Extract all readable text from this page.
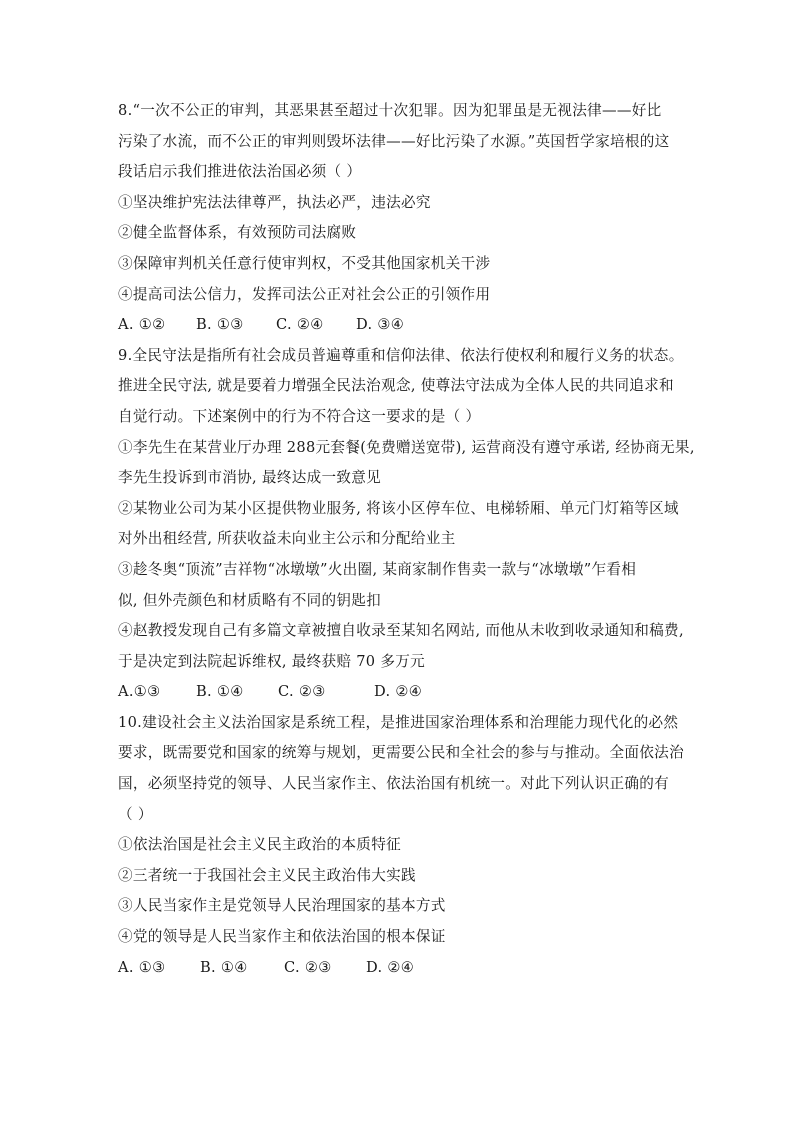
8.“一次不公正的审判，其恶果甚至超过十次犯罪。因为犯罪虽是无视法律——好比
污染了水流，而不公正的审判则毁坏法律——好比污染了水源。”英国哲学家培根的这
段话启示我们推进依法治国必须（ ）
①坚决维护宪法法律尊严，执法必严，违法必究
②健全监督体系，有效预防司法腐败
③保障审判机关任意行使审判权，不受其他国家机关干涉
④提高司法公信力，发挥司法公正对社会公正的引领作用
A. ①② B. ①③ C. ②④ D. ③④
9.全民守法是指所有社会成员普遍尊重和信仰法律、依法行使权利和履行义务的状态。
推进全民守法, 就是要着力增强全民法治观念, 使尊法守法成为全体人民的共同追求和
自觉行动。下述案例中的行为不符合这一要求的是（ ）
①李先生在某营业厅办理 288元套餐(免费赠送宽带), 运营商没有遵守承诺, 经协商无果,
李先生投诉到市消协, 最终达成一致意见
②某物业公司为某小区提供物业服务, 将该小区停车位、电梯轿厢、单元门灯箱等区域
对外出租经营, 所获收益未向业主公示和分配给业主
③趁冬奥“顶流”吉祥物“冰墩墩”火出圈, 某商家制作售卖一款与“冰墩墩”乍看相
似, 但外壳颜色和材质略有不同的钥匙扣
④赵教授发现自己有多篇文章被擅自收录至某知名网站, 而他从未收到收录通知和稿费,
于是决定到法院起诉维权, 最终获赔 70 多万元
A.①③ B. ①④ C. ②③	D. ②④
10.建设社会主义法治国家是系统工程，是推进国家治理体系和治理能力现代化的必然
要求，既需要党和国家的统筹与规划，更需要公民和全社会的参与与推动。全面依法治
国，必须坚持党的领导、人民当家作主、依法治国有机统一。对此下列认识正确的有
（ ）
①依法治国是社会主义民主政治的本质特征
②三者统一于我国社会主义民主政治伟大实践
③人民当家作主是党领导人民治理国家的基本方式
④党的领导是人民当家作主和依法治国的根本保证
A. ①③ B. ①④ C. ②③ D. ②④
